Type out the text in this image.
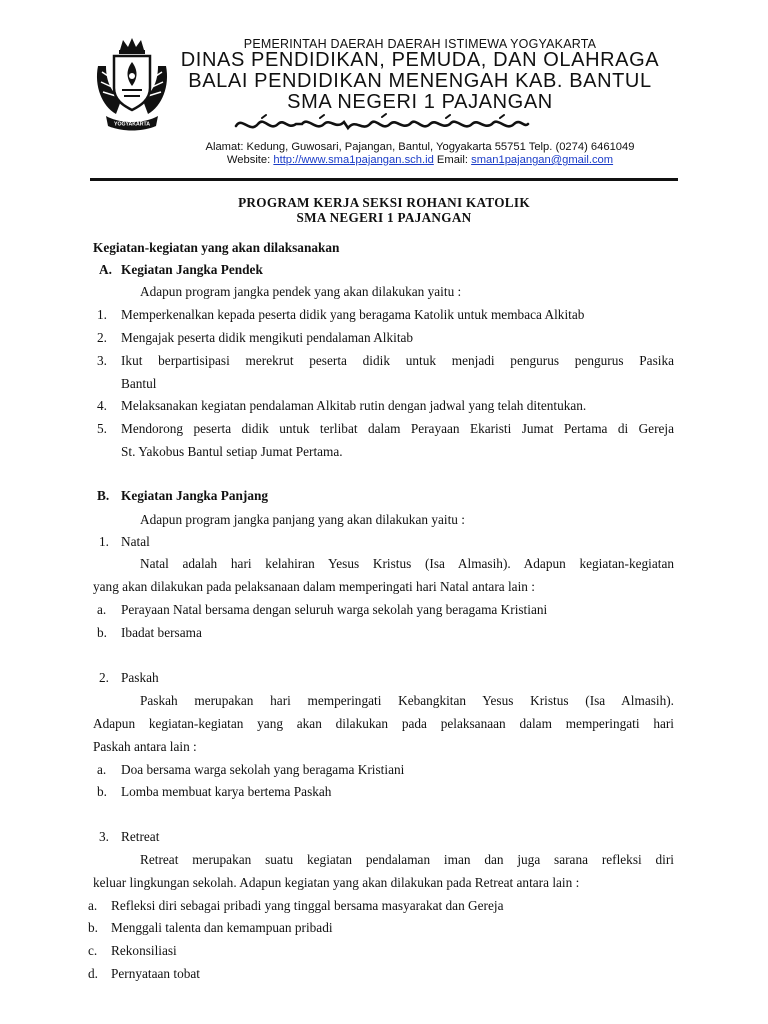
YOGYAKARTA
PEMERINTAH DAERAH DAERAH ISTIMEWA YOGYAKARTA
DINAS PENDIDIKAN, PEMUDA, DAN OLAHRAGA
BALAI PENDIDIKAN MENENGAH KAB. BANTUL
SMA NEGERI 1 PAJANGAN
Alamat: Kedung, Guwosari, Pajangan, Bantul, Yogyakarta 55751 Telp. (0274) 6461049
Website: http://www.sma1pajangan.sch.id Email: sman1pajangan@gmail.com
PROGRAM KERJA SEKSI ROHANI KATOLIK
SMA NEGERI 1 PAJANGAN
Kegiatan-kegiatan yang akan dilaksanakan
A. Kegiatan Jangka Pendek
Adapun program jangka pendek yang akan dilakukan yaitu :
1. Memperkenalkan kepada peserta didik yang beragama Katolik untuk membaca Alkitab
2. Mengajak peserta didik mengikuti pendalaman Alkitab
3. Ikut berpartisipasi merekrut peserta didik untuk menjadi pengurus pengurus Pasika
Bantul
4. Melaksanakan kegiatan pendalaman Alkitab rutin dengan jadwal yang telah ditentukan.
5. Mendorong peserta didik untuk terlibat dalam Perayaan Ekaristi Jumat Pertama di Gereja
St. Yakobus Bantul setiap Jumat Pertama.
B. Kegiatan Jangka Panjang
Adapun program jangka panjang yang akan dilakukan yaitu :
1. Natal
Natal adalah hari kelahiran Yesus Kristus (Isa Almasih). Adapun kegiatan-kegiatan
yang akan dilakukan pada pelaksanaan dalam memperingati hari Natal antara lain :
a. Perayaan Natal bersama dengan seluruh warga sekolah yang beragama Kristiani
b. Ibadat bersama
2. Paskah
Paskah merupakan hari memperingati Kebangkitan Yesus Kristus (Isa Almasih).
Adapun kegiatan-kegiatan yang akan dilakukan pada pelaksanaan dalam memperingati hari
Paskah antara lain :
a. Doa bersama warga sekolah yang beragama Kristiani
b. Lomba membuat karya bertema Paskah
3. Retreat
Retreat merupakan suatu kegiatan pendalaman iman dan juga sarana refleksi diri
keluar lingkungan sekolah. Adapun kegiatan yang akan dilakukan pada Retreat antara lain :
a. Refleksi diri sebagai pribadi yang tinggal bersama masyarakat dan Gereja
b. Menggali talenta dan kemampuan pribadi
c. Rekonsiliasi
d. Pernyataan tobat
